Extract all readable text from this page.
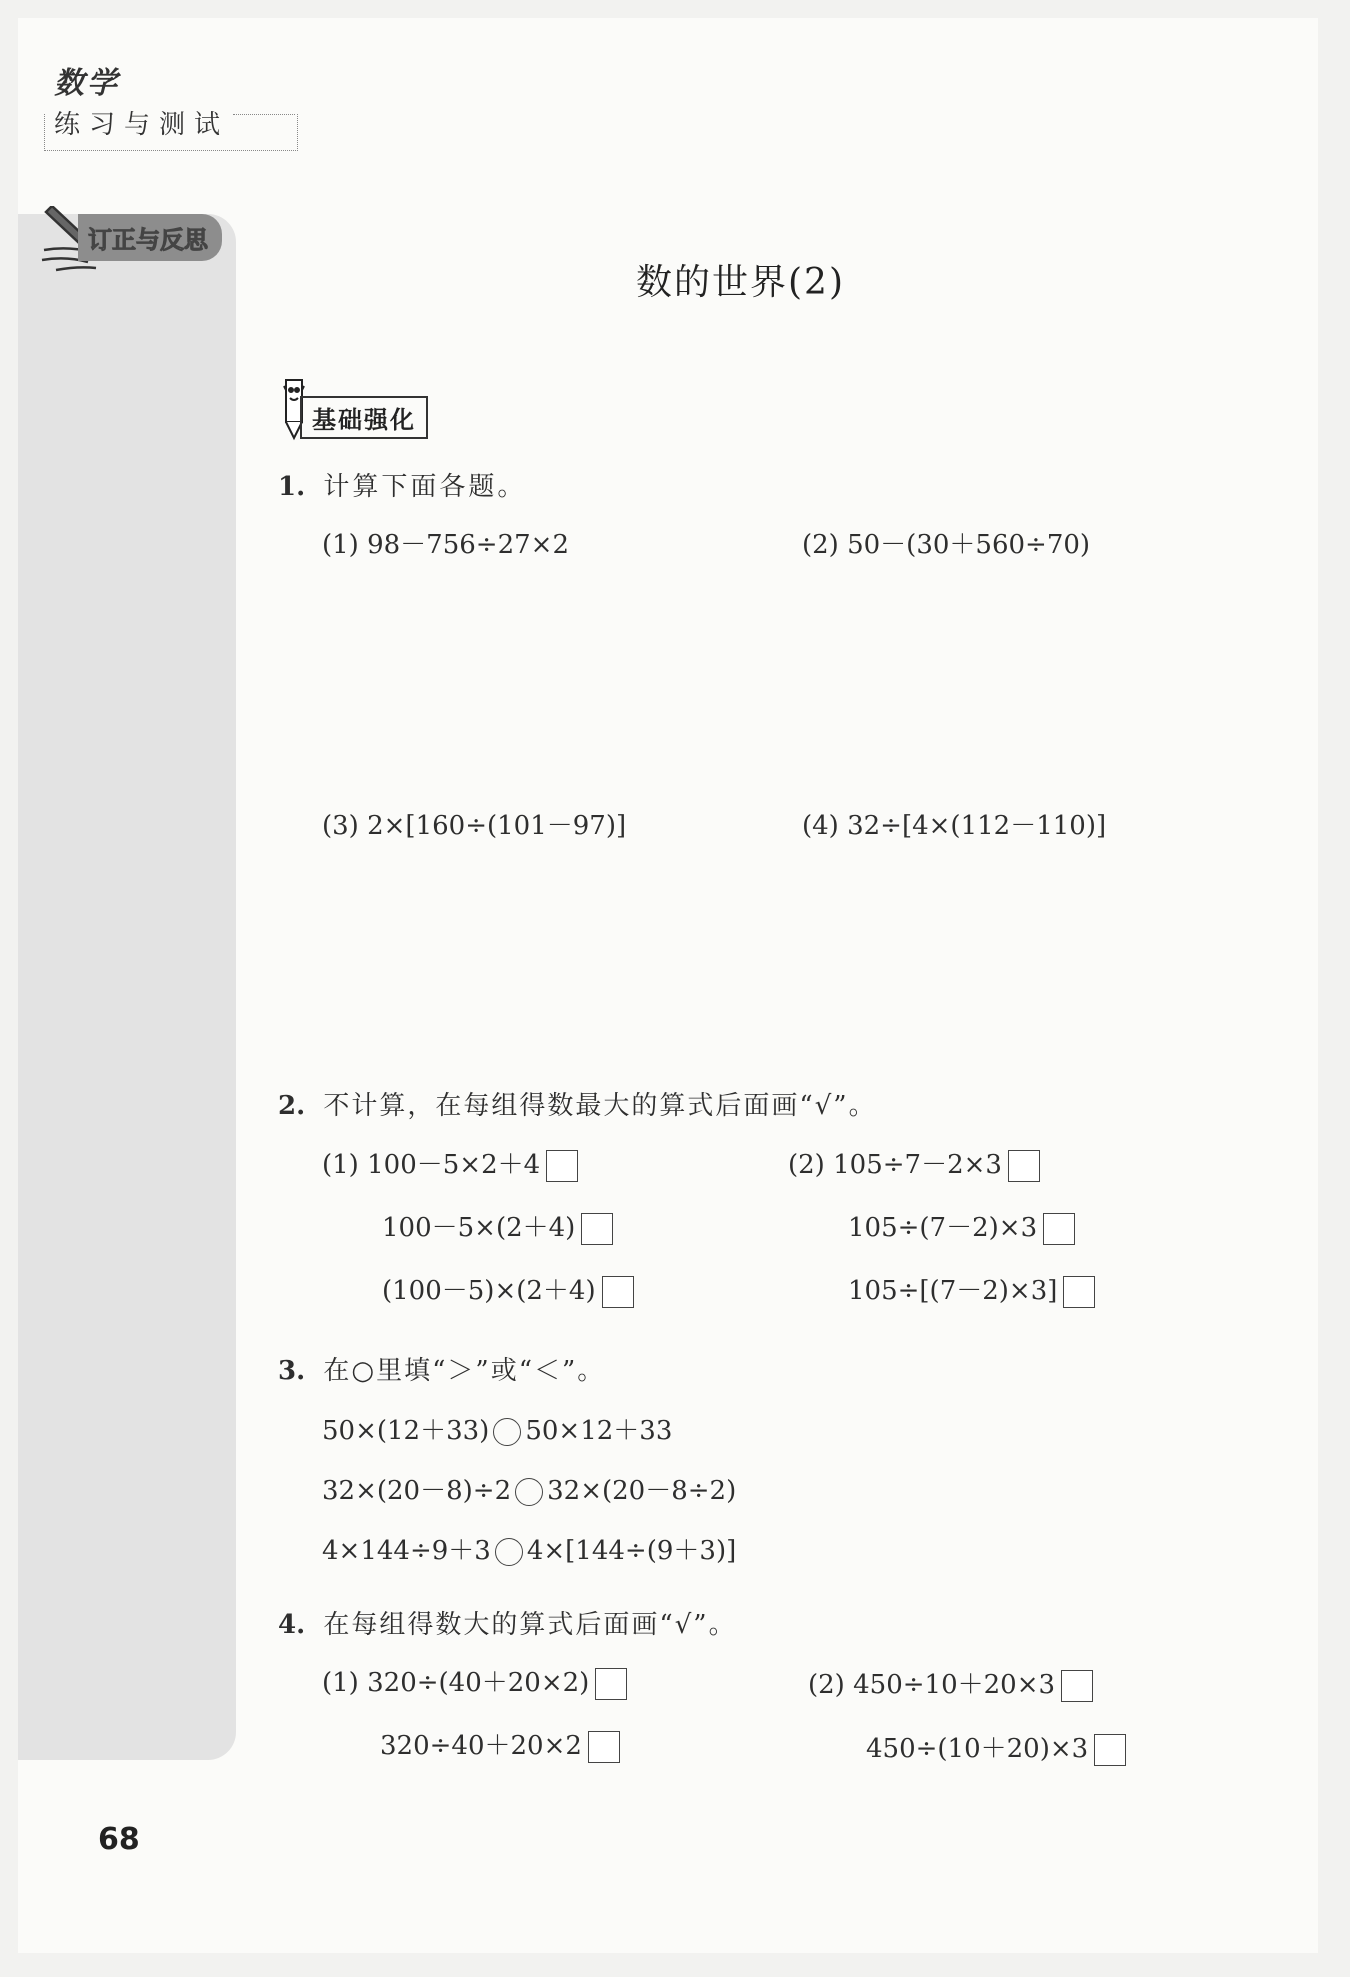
数学
练习与测试
订正与反思
数的世界(2)
基础强化
1. 计算下面各题。
(1) 98－756÷27×2	(2) 50－(30＋560÷70)
(3) 2×[160÷(101－97)]	(4) 32÷[4×(112－110)]
2. 不计算，在每组得数最大的算式后面画“√”。
(1) 100－5×2＋4
100－5×(2＋4)
(100－5)×(2＋4)
(2) 105÷7－2×3
105÷(7－2)×3
105÷[(7－2)×3]
3. 在○里填“＞”或“＜”。
50×(12＋33) 50×12＋33
32×(20－8)÷2 32×(20－8÷2)
4×144÷9＋3 4×[144÷(9＋3)]
4. 在每组得数大的算式后面画“√”。
(1) 320÷(40＋20×2)
320÷40＋20×2
(2) 450÷10＋20×3
450÷(10＋20)×3
68
